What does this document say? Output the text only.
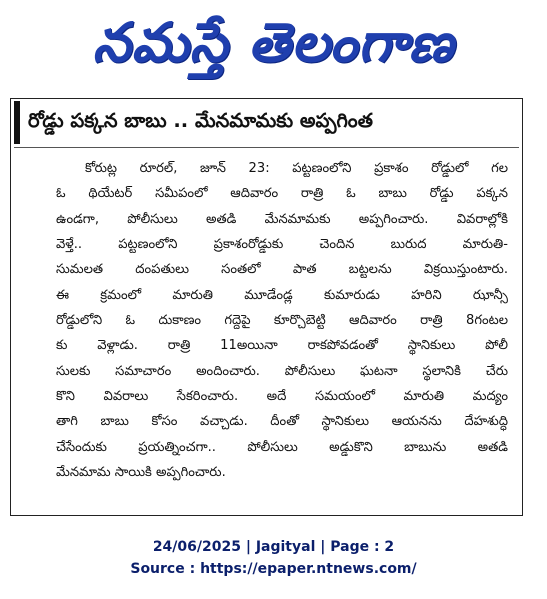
నమస్తే తెలంగాణ
రోడ్డు పక్కన బాబు .. మేనమామకు అప్పగింత
కోరుట్ల రూరల్, జూన్ 23: పట్టణంలోని ప్రకాశం రోడ్డులో గల
ఓ థియేటర్ సమీపంలో ఆదివారం రాత్రి ఓ బాబు రోడ్డు పక్కన
ఉండగా, పోలీసులు అతడి మేనమామకు అప్పగించారు. వివరాల్లోకి
వెళ్తే.. పట్టణంలోని ప్రకాశంరోడ్డుకు చెందిన బురుద మారుతి-
సుమలత దంపతులు సంతలో పాత బట్టలను విక్రయిస్తుంటారు.
ఈ క్రమంలో మారుతి మూడేండ్ల కుమారుడు హరిని ఝాన్సీ
రోడ్డులోని ఓ దుకాణం గద్దెపై కూర్చొబెట్టి ఆదివారం రాత్రి 8గంటల
కు వెళ్లాడు. రాత్రి 11అయినా రాకపోవడంతో స్థానికులు పోలీ
సులకు సమాచారం అందించారు. పోలీసులు ఘటనా స్థలానికి చేరు
కొని వివరాలు సేకరించారు. అదే సమయంలో మారుతి మద్యం
తాగి బాబు కోసం వచ్చాడు. దీంతో స్థానికులు ఆయనను దేహశుద్ధి
చేసేందుకు ప్రయత్నించగా.. పోలీసులు అడ్డుకొని బాబును అతడి
మేనమామ సాయికి అప్పగించారు.
24/06/2025 | Jagityal | Page : 2
Source : https://epaper.ntnews.com/
